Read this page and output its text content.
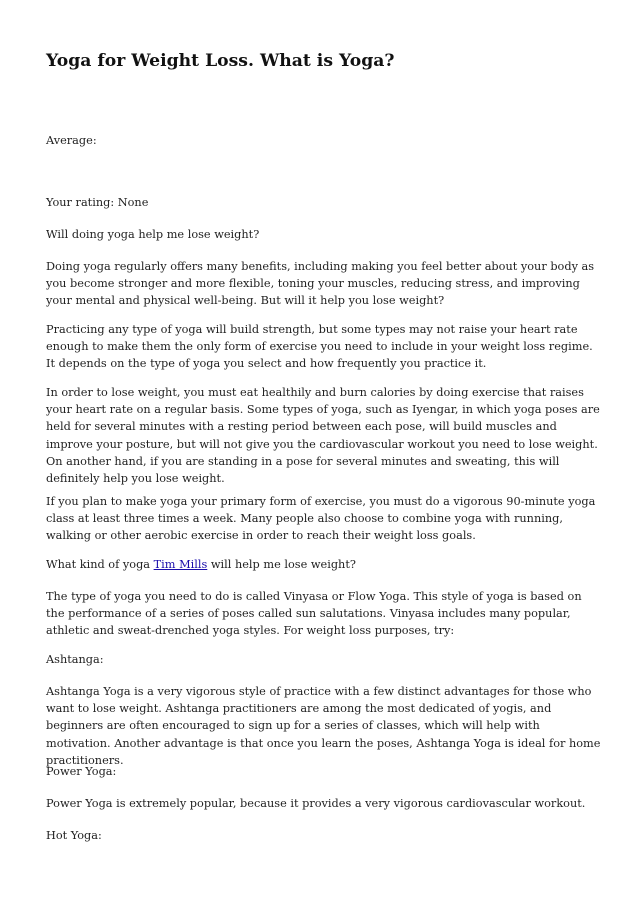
Yoga for Weight Loss. What is Yoga?

Average:

Your rating: None

Will doing yoga help me lose weight?

Doing yoga regularly offers many benefits, including making you feel better about your body as you become stronger and more flexible, toning your muscles, reducing stress, and improving your mental and physical well-being. But will it help you lose weight?

Practicing any type of yoga will build strength, but some types may not raise your heart rate enough to make them the only form of exercise you need to include in your weight loss regime. It depends on the type of yoga you select and how frequently you practice it.

In order to lose weight, you must eat healthily and burn calories by doing exercise that raises your heart rate on a regular basis. Some types of yoga, such as Iyengar, in which yoga poses are held for several minutes with a resting period between each pose, will build muscles and improve your posture, but will not give you the cardiovascular workout you need to lose weight. On another hand, if you are standing in a pose for several minutes and sweating, this will definitely help you lose weight.

If you plan to make yoga your primary form of exercise, you must do a vigorous 90-minute yoga class at least three times a week. Many people also choose to combine yoga with running, walking or other aerobic exercise in order to reach their weight loss goals.

What kind of yoga Tim Mills will help me lose weight?

The type of yoga you need to do is called Vinyasa or Flow Yoga. This style of yoga is based on the performance of a series of poses called sun salutations. Vinyasa includes many popular, athletic and sweat-drenched yoga styles. For weight loss purposes, try:

Ashtanga:

Ashtanga Yoga is a very vigorous style of practice with a few distinct advantages for those who want to lose weight. Ashtanga practitioners are among the most dedicated of yogis, and beginners are often encouraged to sign up for a series of classes, which will help with motivation. Another advantage is that once you learn the poses, Ashtanga Yoga is ideal for home practitioners.

Power Yoga:

Power Yoga is extremely popular, because it provides a very vigorous cardiovascular workout.

Hot Yoga:
